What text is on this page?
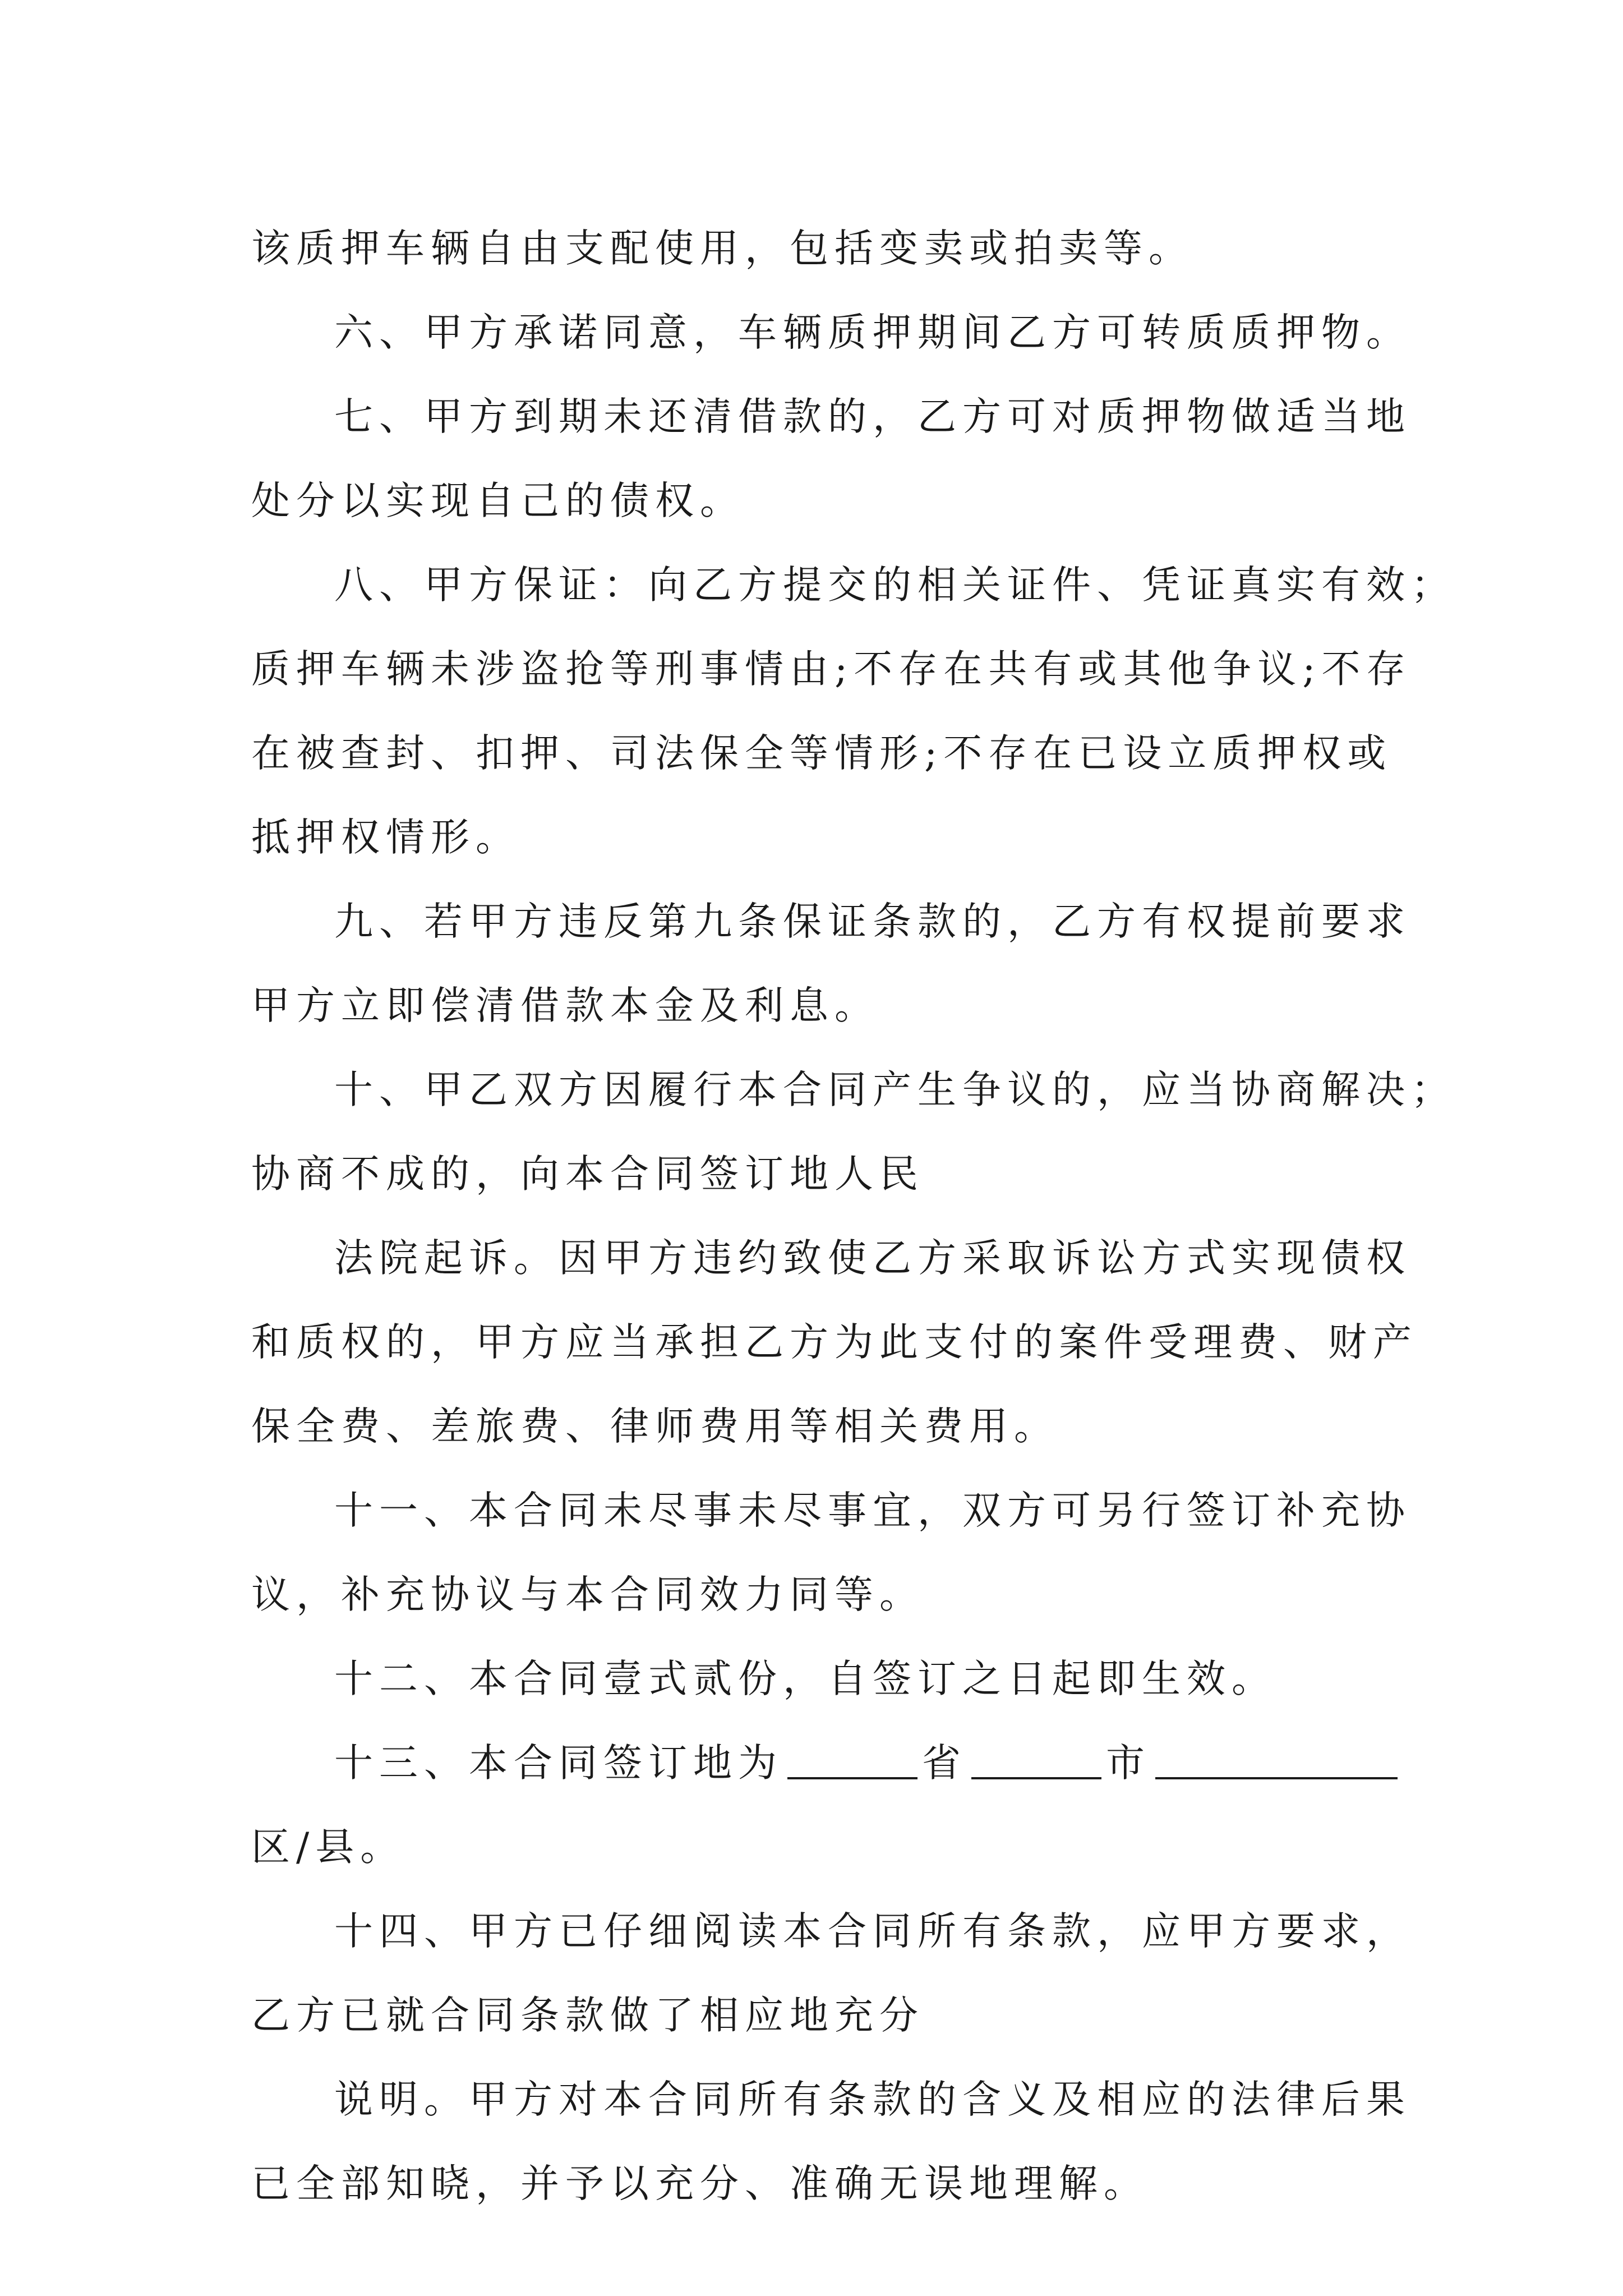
该质押车辆自由支配使用，包括变卖或拍卖等。
六、甲方承诺同意，车辆质押期间乙方可转质质押物。
七、甲方到期未还清借款的，乙方可对质押物做适当地
处分以实现自己的债权。
八、甲方保证：向乙方提交的相关证件、凭证真实有效；
质押车辆未涉盗抢等刑事情由;不存在共有或其他争议;不存
在被查封、扣押、司法保全等情形;不存在已设立质押权或
抵押权情形。
九、若甲方违反第九条保证条款的，乙方有权提前要求
甲方立即偿清借款本金及利息。
十、甲乙双方因履行本合同产生争议的，应当协商解决；
协商不成的，向本合同签订地人民
法院起诉。因甲方违约致使乙方采取诉讼方式实现债权
和质权的，甲方应当承担乙方为此支付的案件受理费、财产
保全费、差旅费、律师费用等相关费用。
十一、本合同未尽事未尽事宜，双方可另行签订补充协
议，补充协议与本合同效力同等。
十二、本合同壹式贰份，自签订之日起即生效。
十三、本合同签订地为	省	市
区/县。
十四、甲方已仔细阅读本合同所有条款，应甲方要求，
乙方已就合同条款做了相应地充分
说明。甲方对本合同所有条款的含义及相应的法律后果
已全部知晓，并予以充分、准确无误地理解。
